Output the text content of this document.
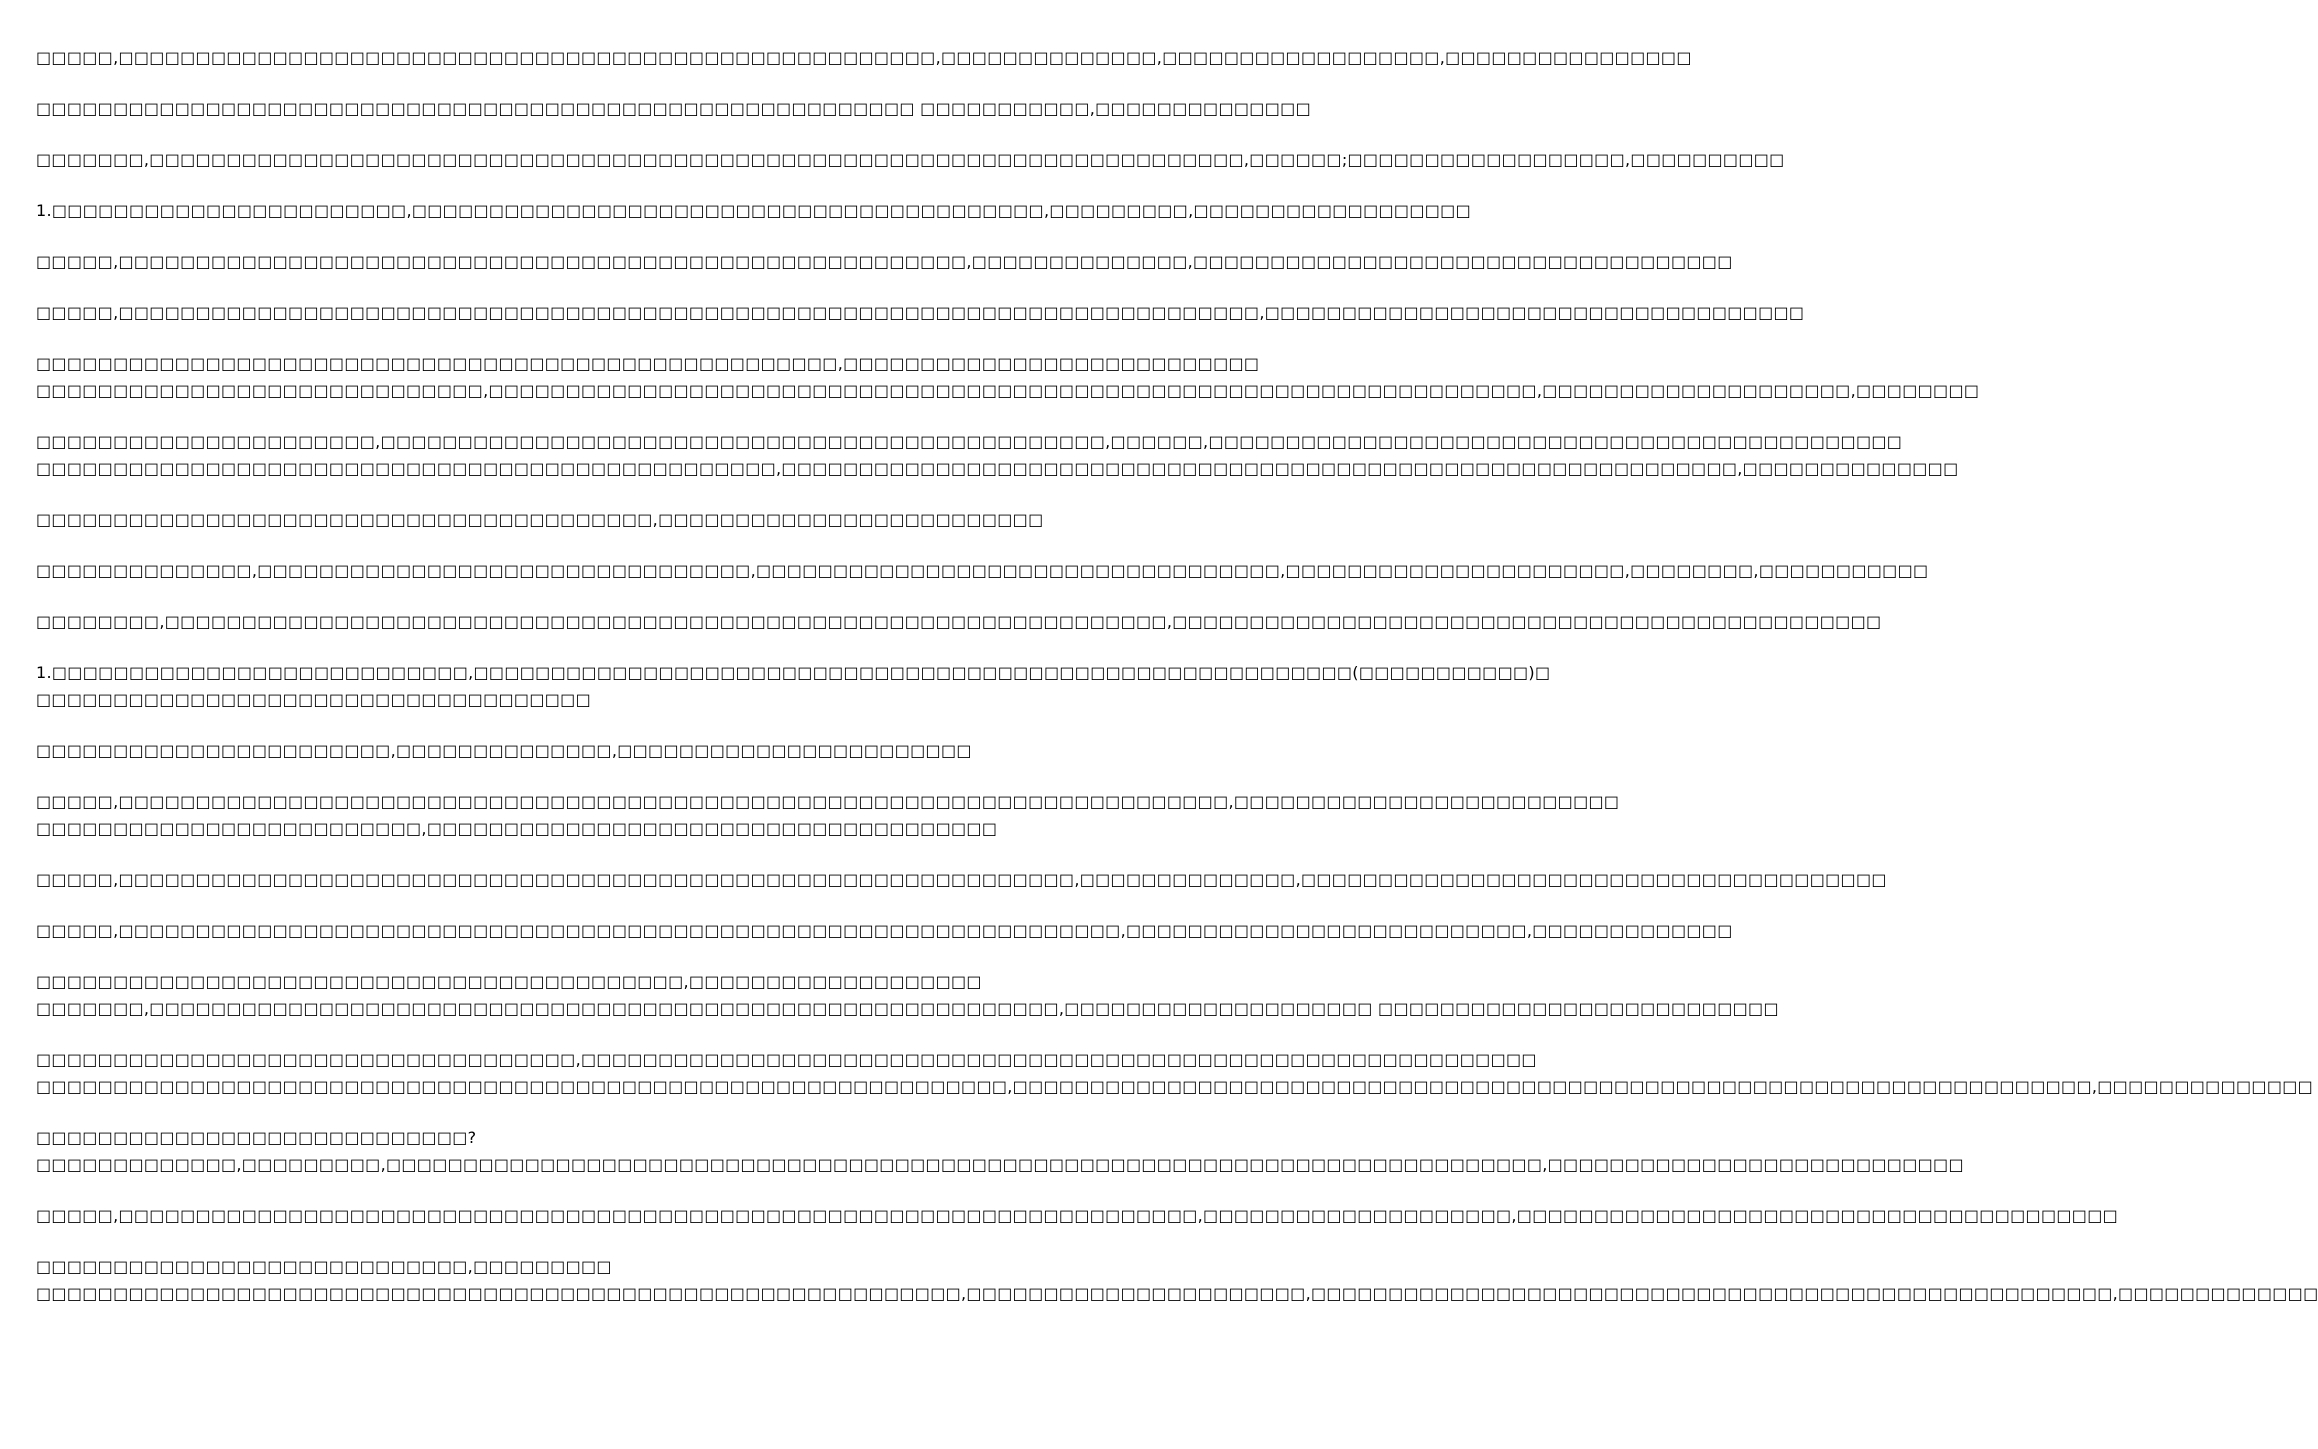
□□□□□,□□□□□□□□□□□□□□□□□□□□□□□□□□□□□□□□□□□□□□□□□□□□□□□□□□□□□,□□□□□□□□□□□□□□,□□□□□□□□□□□□□□□□□□,□□□□□□□□□□□□□□□□
□□□□□□□□□□□□□□□□□□□□□□□□□□□□□□□□□□□□□□□□□□□□□□□□□□□□□□□□□ □□□□□□□□□□□,□□□□□□□□□□□□□□
□□□□□□□,□□□□□□□□□□□□□□□□□□□□□□□□□□□□□□□□□□□□□□□□□□□□□□□□□□□□□□□□□□□□□□□□□□□□□□□,□□□□□□;□□□□□□□□□□□□□□□□□□,□□□□□□□□□□
1.□□□□□□□□□□□□□□□□□□□□□□□,□□□□□□□□□□□□□□□□□□□□□□□□□□□□□□□□□□□□□□□□□,□□□□□□□□□,□□□□□□□□□□□□□□□□□□
□□□□□,□□□□□□□□□□□□□□□□□□□□□□□□□□□□□□□□□□□□□□□□□□□□□□□□□□□□□□□,□□□□□□□□□□□□□□,□□□□□□□□□□□□□□□□□□□□□□□□□□□□□□□□□□□
□□□□□,□□□□□□□□□□□□□□□□□□□□□□□□□□□□□□□□□□□□□□□□□□□□□□□□□□□□□□□□□□□□□□□□□□□□□□□□□□,□□□□□□□□□□□□□□□□□□□□□□□□□□□□□□□□□□□
□□□□□□□□□□□□□□□□□□□□□□□□□□□□□□□□□□□□□□□□□□□□□□□□□□□□,□□□□□□□□□□□□□□□□□□□□□□□□□□□
□□□□□□□□□□□□□□□□□□□□□□□□□□□□□,□□□□□□□□□□□□□□□□□□□□□□□□□□□□□□□□□□□□□□□□□□□□□□□□□□□□□□□□□□□□□□□□□□□□,□□□□□□□□□□□□□□□□□□□□,□□□□□□□□
□□□□□□□□□□□□□□□□□□□□□□,□□□□□□□□□□□□□□□□□□□□□□□□□□□□□□□□□□□□□□□□□□□□□□□,□□□□□□,□□□□□□□□□□□□□□□□□□□□□□□□□□□□□□□□□□□□□□□□□□□□□
□□□□□□□□□□□□□□□□□□□□□□□□□□□□□□□□□□□□□□□□□□□□□□□□,□□□□□□□□□□□□□□□□□□□□□□□□□□□□□□□□□□□□□□□□□□□□□□□□□□□□□□□□□□□□□□,□□□□□□□□□□□□□□
□□□□□□□□□□□□□□□□□□□□□□□□□□□□□□□□□□□□□□□□,□□□□□□□□□□□□□□□□□□□□□□□□□
□□□□□□□□□□□□□□,□□□□□□□□□□□□□□□□□□□□□□□□□□□□□□□□,□□□□□□□□□□□□□□□□□□□□□□□□□□□□□□□□□□,□□□□□□□□□□□□□□□□□□□□□□,□□□□□□□□,□□□□□□□□□□□
□□□□□□□□,□□□□□□□□□□□□□□□□□□□□□□□□□□□□□□□□□□□□□□□□□□□□□□□□□□□□□□□□□□□□□□□□□,□□□□□□□□□□□□□□□□□□□□□□□□□□□□□□□□□□□□□□□□□□□□□□
1.□□□□□□□□□□□□□□□□□□□□□□□□□□□,□□□□□□□□□□□□□□□□□□□□□□□□□□□□□□□□□□□□□□□□□□□□□□□□□□□□□□□□□(□□□□□□□□□□□)□
□□□□□□□□□□□□□□□□□□□□□□□□□□□□□□□□□□□□
□□□□□□□□□□□□□□□□□□□□□□□,□□□□□□□□□□□□□□,□□□□□□□□□□□□□□□□□□□□□□□
□□□□□,□□□□□□□□□□□□□□□□□□□□□□□□□□□□□□□□□□□□□□□□□□□□□□□□□□□□□□□□□□□□□□□□□□□□□□□□,□□□□□□□□□□□□□□□□□□□□□□□□□
□□□□□□□□□□□□□□□□□□□□□□□□□,□□□□□□□□□□□□□□□□□□□□□□□□□□□□□□□□□□□□□
□□□□□,□□□□□□□□□□□□□□□□□□□□□□□□□□□□□□□□□□□□□□□□□□□□□□□□□□□□□□□□□□□□□□,□□□□□□□□□□□□□□,□□□□□□□□□□□□□□□□□□□□□□□□□□□□□□□□□□□□□□
□□□□□,□□□□□□□□□□□□□□□□□□□□□□□□□□□□□□□□□□□□□□□□□□□□□□□□□□□□□□□□□□□□□□□□□,□□□□□□□□□□□□□□□□□□□□□□□□□□,□□□□□□□□□□□□□
□□□□□□□□□□□□□□□□□□□□□□□□□□□□□□□□□□□□□□□□□□,□□□□□□□□□□□□□□□□□□□
□□□□□□□,□□□□□□□□□□□□□□□□□□□□□□□□□□□□□□□□□□□□□□□□□□□□□□□□□□□□□□□□□□□,□□□□□□□□□□□□□□□□□□□□ □□□□□□□□□□□□□□□□□□□□□□□□□□
□□□□□□□□□□□□□□□□□□□□□□□□□□□□□□□□□□□,□□□□□□□□□□□□□□□□□□□□□□□□□□□□□□□□□□□□□□□□□□□□□□□□□□□□□□□□□□□□□□
□□□□□□□□□□□□□□□□□□□□□□□□□□□□□□□□□□□□□□□□□□□□□□□□□□□□□□□□□□□□□□□,□□□□□□□□□□□□□□□□□□□□□□□□□□□□□□□□□□□□□□□□□□□□□□□□□□□□□□□□□□□□□□□□□□□□□□,□□□□□□□□□□□□□□
□□□□□□□□□□□□□□□□□□□□□□□□□□□□?
□□□□□□□□□□□□□,□□□□□□□□□,□□□□□□□□□□□□□□□□□□□□□□□□□□□□□□□□□□□□□□□□□□□□□□□□□□□□□□□□□□□□□□□□□□□□□□□□□□□,□□□□□□□□□□□□□□□□□□□□□□□□□□□
□□□□□,□□□□□□□□□□□□□□□□□□□□□□□□□□□□□□□□□□□□□□□□□□□□□□□□□□□□□□□□□□□□□□□□□□□□□□,□□□□□□□□□□□□□□□□□□□□,□□□□□□□□□□□□□□□□□□□□□□□□□□□□□□□□□□□□□□□
□□□□□□□□□□□□□□□□□□□□□□□□□□□□,□□□□□□□□□
□□□□□□□□□□□□□□□□□□□□□□□□□□□□□□□□□□□□□□□□□□□□□□□□□□□□□□□□□□□□,□□□□□□□□□□□□□□□□□□□□□□,□□□□□□□□□□□□□□□□□□□□□□□□□□□□□□□□□□□□□□□□□□□□□□□□□□□□,□□□□□□□□□□□□□
